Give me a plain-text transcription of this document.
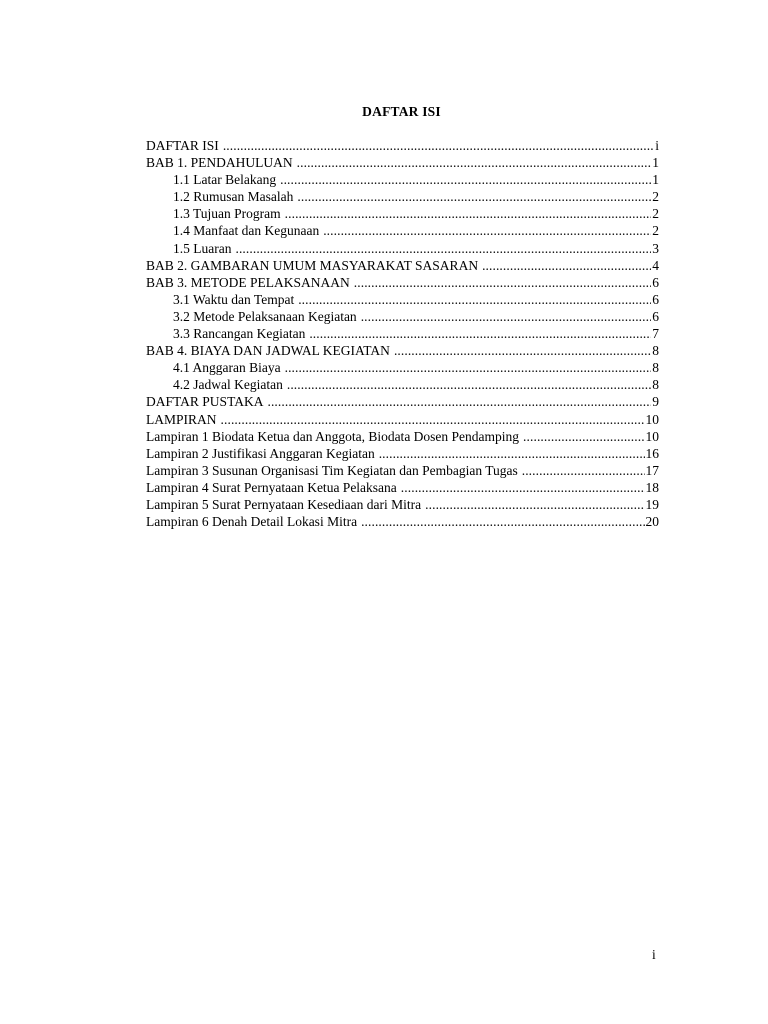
DAFTAR ISI
DAFTAR ISI .....	i
BAB 1. PENDAHULUAN .....	1
1.1 Latar Belakang .....	1
1.2 Rumusan Masalah .....	2
1.3 Tujuan Program .....	2
1.4 Manfaat dan Kegunaan .....	2
1.5 Luaran .....	3
BAB 2. GAMBARAN UMUM MASYARAKAT SASARAN .....	4
BAB 3. METODE PELAKSANAAN .....	6
3.1 Waktu dan Tempat .....	6
3.2 Metode Pelaksanaan Kegiatan .....	6
3.3 Rancangan Kegiatan .....	7
BAB 4. BIAYA DAN JADWAL KEGIATAN .....	8
4.1 Anggaran Biaya .....	8
4.2 Jadwal Kegiatan .....	8
DAFTAR PUSTAKA .....	9
LAMPIRAN .....	10
Lampiran 1 Biodata Ketua dan Anggota, Biodata Dosen Pendamping .....	10
Lampiran 2 Justifikasi Anggaran Kegiatan .....	16
Lampiran 3 Susunan Organisasi Tim Kegiatan dan Pembagian Tugas .....	17
Lampiran 4 Surat Pernyataan Ketua Pelaksana .....	18
Lampiran 5 Surat Pernyataan Kesediaan dari Mitra .....	19
Lampiran 6 Denah Detail Lokasi Mitra .....	20
i
